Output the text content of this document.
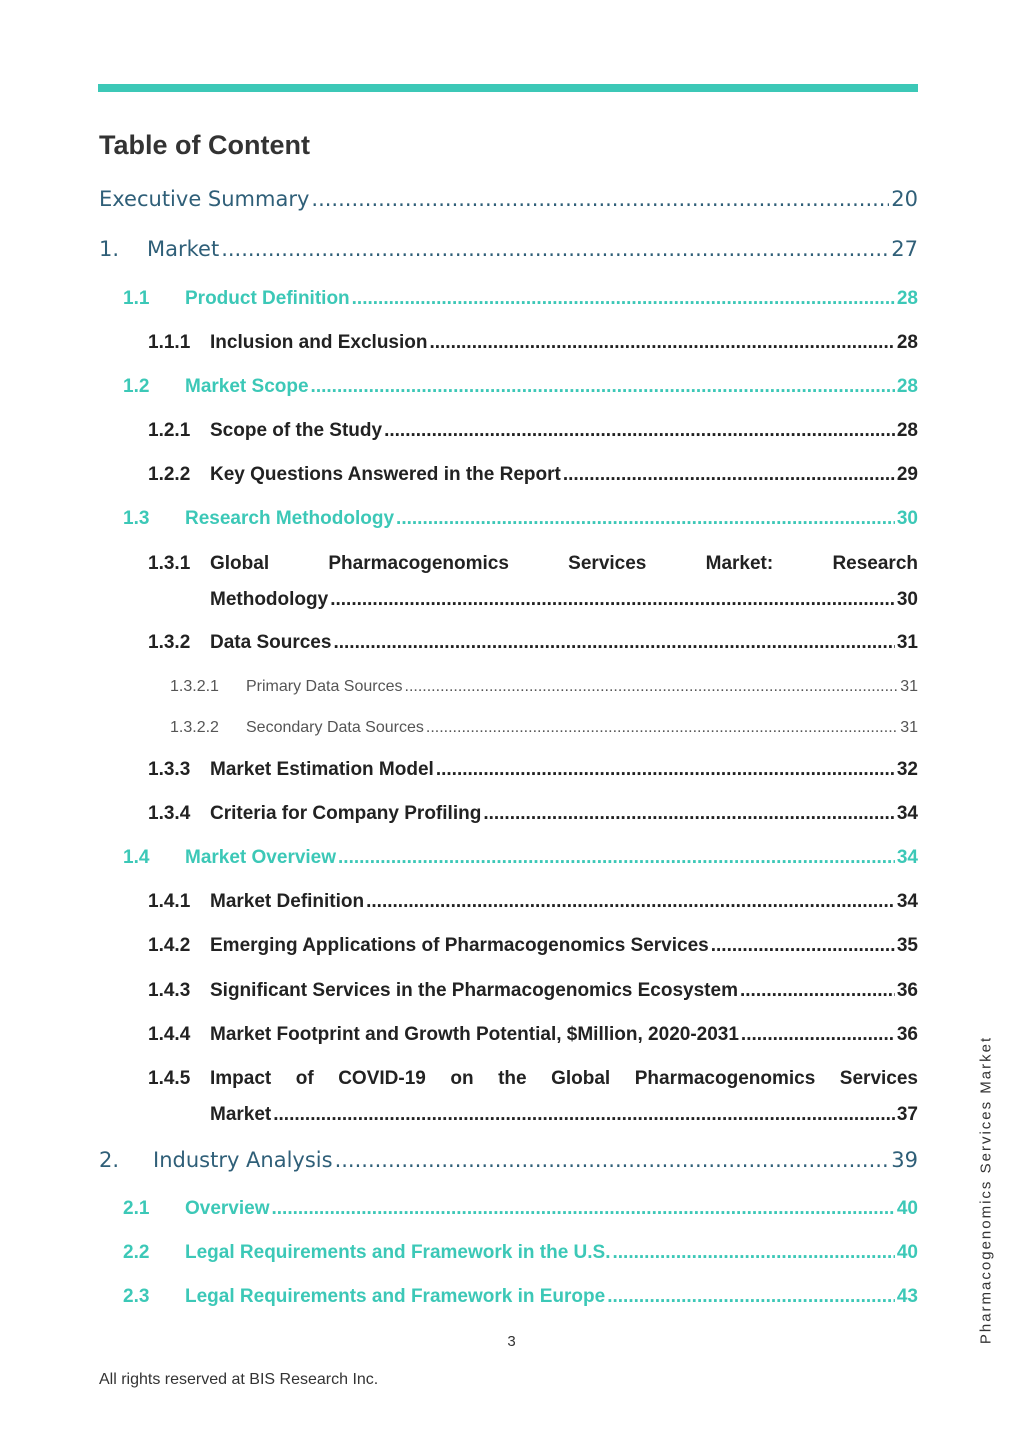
Table of Content
Executive Summary .....	20
1.	Market .....	27
1.1	Product Definition .....	28
1.1.1	Inclusion and Exclusion .....	28
1.2	Market Scope .....	28
1.2.1	Scope of the Study .....	28
1.2.2	Key Questions Answered in the Report .....	29
1.3	Research Methodology .....	30
1.3.1	Global Pharmacogenomics Services Market: Research
Methodology .....	30
1.3.2	Data Sources .....	31
1.3.2.1	Primary Data Sources .....	31
1.3.2.2	Secondary Data Sources .....	31
1.3.3	Market Estimation Model .....	32
1.3.4	Criteria for Company Profiling .....	34
1.4	Market Overview .....	34
1.4.1	Market Definition .....	34
1.4.2	Emerging Applications of Pharmacogenomics Services .....	35
1.4.3	Significant Services in the Pharmacogenomics Ecosystem .....	36
1.4.4	Market Footprint and Growth Potential, $Million, 2020-2031 .....	36
1.4.5	Impact of COVID-19 on the Global Pharmacogenomics Services
Market .....	37
2.	Industry Analysis .....	39
2.1	Overview .....	40
2.2	Legal Requirements and Framework in the U.S. .....	40
2.3	Legal Requirements and Framework in Europe .....	43	Pharmacogenomics Services Market
3
All rights reserved at BIS Research Inc.
